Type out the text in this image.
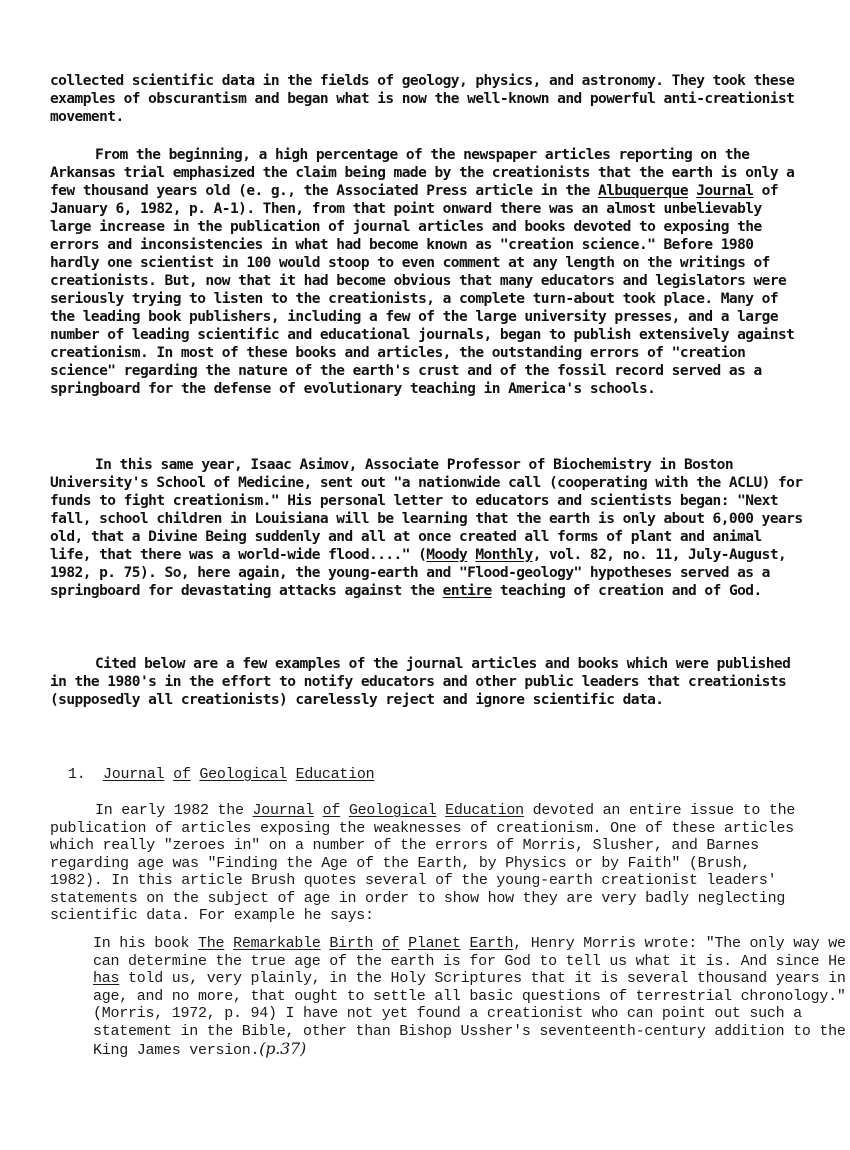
collected scientific data in the fields of geology, physics, and astronomy. They took these examples of obscurantism and began what is now the well-known and powerful anti-creationist movement.

From the beginning, a high percentage of the newspaper articles reporting on the Arkansas trial emphasized the claim being made by the creationists that the earth is only a few thousand years old (e. g., the Associated Press article in the Albuquerque Journal of January 6, 1982, p. A-1). Then, from that point onward there was an almost unbelievably large increase in the publication of journal articles and books devoted to exposing the errors and inconsistencies in what had become known as "creation science." Before 1980 hardly one scientist in 100 would stoop to even comment at any length on the writings of creationists. But, now that it had become obvious that many educators and legislators were seriously trying to listen to the creationists, a complete turn-about took place. Many of the leading book publishers, including a few of the large university presses, and a large number of leading scientific and educational journals, began to publish extensively against creationism. In most of these books and articles, the outstanding errors of "creation science" regarding the nature of the earth's crust and of the fossil record served as a springboard for the defense of evolutionary teaching in America's schools.

In this same year, Isaac Asimov, Associate Professor of Biochemistry in Boston University's School of Medicine, sent out "a nationwide call (cooperating with the ACLU) for funds to fight creationism." His personal letter to educators and scientists began: "Next fall, school children in Louisiana will be learning that the earth is only about 6,000 years old, that a Divine Being suddenly and all at once created all forms of plant and animal life, that there was a world-wide flood...." (Moody Monthly, vol. 82, no. 11, July-August, 1982, p. 75). So, here again, the young-earth and "Flood-geology" hypotheses served as a springboard for devastating attacks against the entire teaching of creation and of God.

Cited below are a few examples of the journal articles and books which were published in the 1980's in the effort to notify educators and other public leaders that creationists (supposedly all creationists) carelessly reject and ignore scientific data.

1. Journal of Geological Education

In early 1982 the Journal of Geological Education devoted an entire issue to the publication of articles exposing the weaknesses of creationism. One of these articles which really "zeroes in" on a number of the errors of Morris, Slusher, and Barnes regarding age was "Finding the Age of the Earth, by Physics or by Faith" (Brush, 1982). In this article Brush quotes several of the young-earth creationist leaders' statements on the subject of age in order to show how they are very badly neglecting scientific data. For example he says:

In his book The Remarkable Birth of Planet Earth, Henry Morris wrote: "The only way we can determine the true age of the earth is for God to tell us what it is. And since He has told us, very plainly, in the Holy Scriptures that it is several thousand years in age, and no more, that ought to settle all basic questions of terrestrial chronology." (Morris, 1972, p. 94) I have not yet found a creationist who can point out such a statement in the Bible, other than Bishop Ussher's seventeenth-century addition to the King James version.(p.37)
